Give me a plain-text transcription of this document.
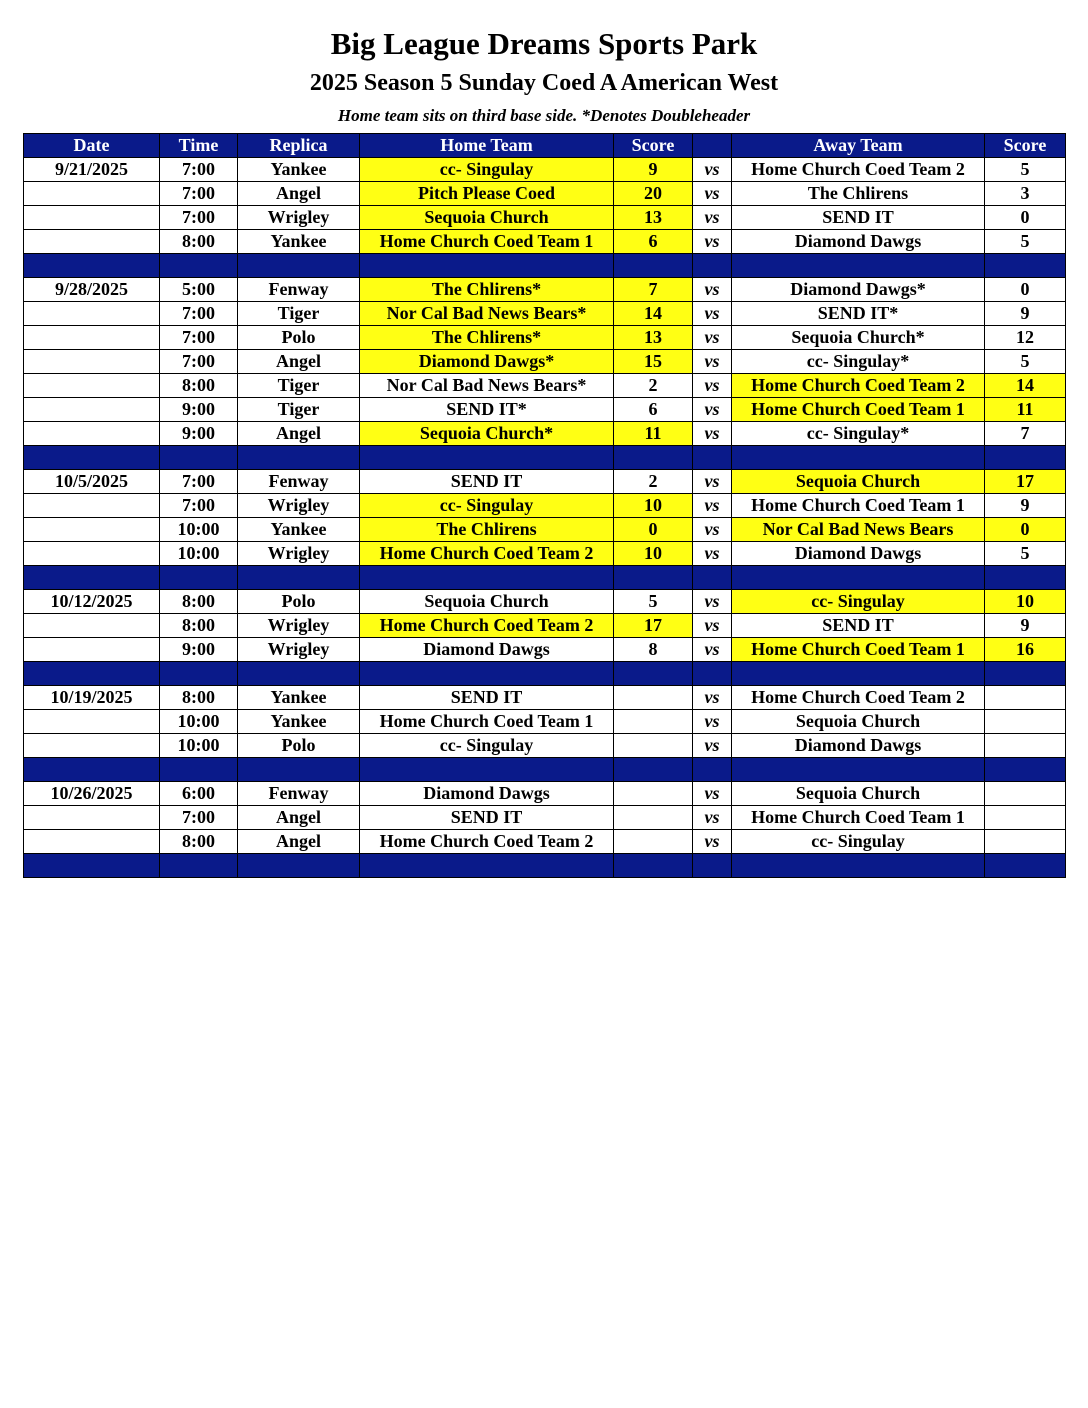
Big League Dreams Sports Park
2025 Season 5 Sunday Coed A American West
Home team sits on third base side. *Denotes Doubleheader
Date	Time	Replica	Home Team	Score		Away Team	Score
9/21/2025	7:00	Yankee	cc- Singulay	9	vs	Home Church Coed Team 2	5
	7:00	Angel	Pitch Please Coed	20	vs	The Chlirens	3
	7:00	Wrigley	Sequoia Church	13	vs	SEND IT	0
	8:00	Yankee	Home Church Coed Team 1	6	vs	Diamond Dawgs	5

9/28/2025	5:00	Fenway	The Chlirens*	7	vs	Diamond Dawgs*	0
	7:00	Tiger	Nor Cal Bad News Bears*	14	vs	SEND IT*	9
	7:00	Polo	The Chlirens*	13	vs	Sequoia Church*	12
	7:00	Angel	Diamond Dawgs*	15	vs	cc- Singulay*	5
	8:00	Tiger	Nor Cal Bad News Bears*	2	vs	Home Church Coed Team 2	14
	9:00	Tiger	SEND IT*	6	vs	Home Church Coed Team 1	11
	9:00	Angel	Sequoia Church*	11	vs	cc- Singulay*	7

10/5/2025	7:00	Fenway	SEND IT	2	vs	Sequoia Church	17
	7:00	Wrigley	cc- Singulay	10	vs	Home Church Coed Team 1	9
	10:00	Yankee	The Chlirens	0	vs	Nor Cal Bad News Bears	0
	10:00	Wrigley	Home Church Coed Team 2	10	vs	Diamond Dawgs	5

10/12/2025	8:00	Polo	Sequoia Church	5	vs	cc- Singulay	10
	8:00	Wrigley	Home Church Coed Team 2	17	vs	SEND IT	9
	9:00	Wrigley	Diamond Dawgs	8	vs	Home Church Coed Team 1	16

10/19/2025	8:00	Yankee	SEND IT		vs	Home Church Coed Team 2	
	10:00	Yankee	Home Church Coed Team 1		vs	Sequoia Church	
	10:00	Polo	cc- Singulay		vs	Diamond Dawgs	

10/26/2025	6:00	Fenway	Diamond Dawgs		vs	Sequoia Church	
	7:00	Angel	SEND IT		vs	Home Church Coed Team 1	
	8:00	Angel	Home Church Coed Team 2		vs	cc- Singulay	
